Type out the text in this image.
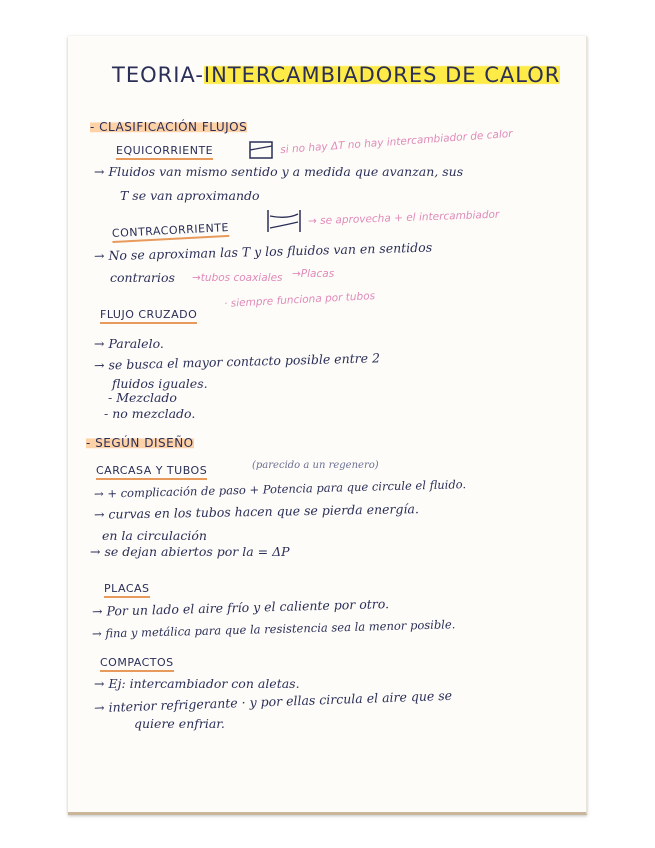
TEORIA-INTERCAMBIADORES DE CALOR
- CLASIFICACIÓN FLUJOS
EQUICORRIENTE	si no hay ΔT no hay intercambiador de calor
→ Fluidos van mismo sentido y a medida que avanzan, sus
T se van aproximando
→ se aprovecha + el intercambiador
CONTRACORRIENTE
→ No se aproximan las T y los fluidos van en sentidos
contrarios →tubos coaxiales →Placas
FLUJO CRUZADO
· siempre funciona por tubos
→ Paralelo.
→ se busca el mayor contacto posible entre 2
fluidos iguales.
- Mezclado
- no mezclado.
- SEGÚN DISEÑO
CARCASA Y TUBOS	(parecido a un regenero)
→ + complicación de paso + Potencia para que circule el fluido.
→ curvas en los tubos hacen que se pierda energía.
en la circulación
→ se dejan abiertos por la = ΔP
PLACAS
→ Por un lado el aire frío y el caliente por otro.
→ fina y metálica para que la resistencia sea la menor posible.
COMPACTOS
→ Ej: intercambiador con aletas.
→ interior refrigerante · y por ellas circula el aire que se
quiere enfriar.
